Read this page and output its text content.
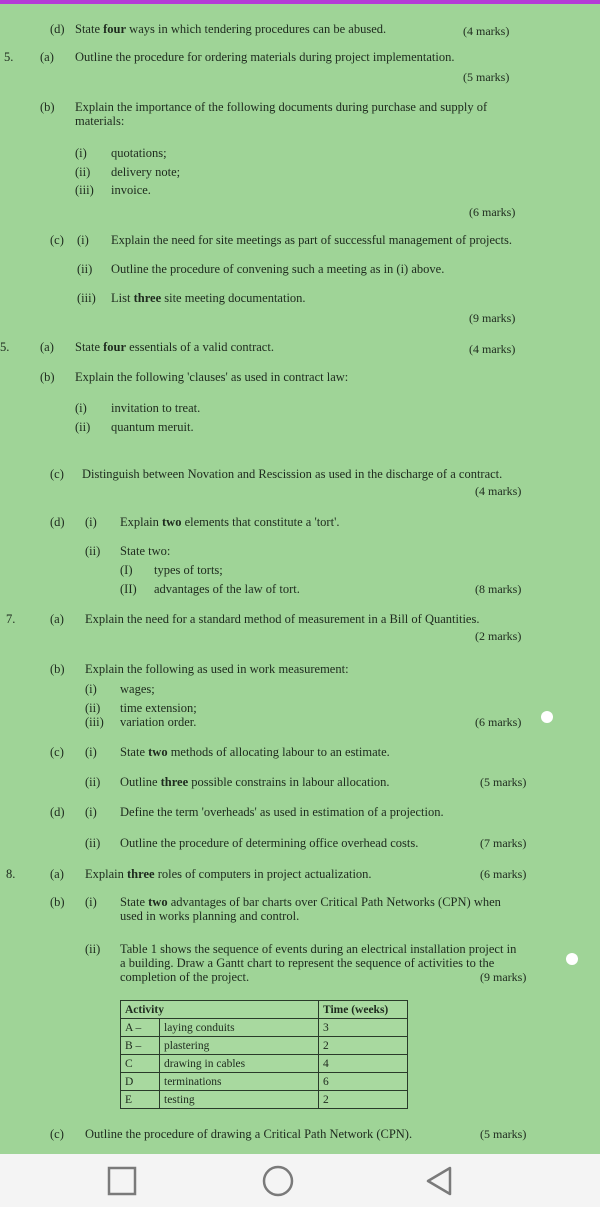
Activity		Time (weeks)
A –	laying conduits	3
B –	plastering	2
C	drawing in cables	4
D	terminations	6
E	testing	2
(d) State four ways in which tendering procedures can be abused.	(4 marks)
5. (a) Outline the procedure for ordering materials during project implementation.
(5 marks)
(b) Explain the importance of the following documents during purchase and supply of
materials:
(i) quotations;
(ii) delivery note;
(iii) invoice.
(6 marks)
(c) (i) Explain the need for site meetings as part of successful management of projects.
(ii) Outline the procedure of convening such a meeting as in (i) above.
(iii) List three site meeting documentation.
(9 marks)
5. (a) State four essentials of a valid contract.	(4 marks)
(b) Explain the following 'clauses' as used in contract law:
(i) invitation to treat.
(ii) quantum meruit.
(c) Distinguish between Novation and Rescission as used in the discharge of a contract.
(4 marks)
(d) (i) Explain two elements that constitute a 'tort'.
(ii) State two:
(I) types of torts;
(II) advantages of the law of tort.	(8 marks)
7.	(a) Explain the need for a standard method of measurement in a Bill of Quantities.
(2 marks)
(b) Explain the following as used in work measurement:
(i) wages;
(ii) time extension;
(iii) variation order.	(6 marks)
(c) (i) State two methods of allocating labour to an estimate.
(ii) Outline three possible constrains in labour allocation.	(5 marks)
(d) (i) Define the term 'overheads' as used in estimation of a projection.
(ii) Outline the procedure of determining office overhead costs.	(7 marks)
8.	(a) Explain three roles of computers in project actualization.	(6 marks)
(b) (i) State two advantages of bar charts over Critical Path Networks (CPN) when
used in works planning and control.
(ii) Table 1 shows the sequence of events during an electrical installation project in
a building. Draw a Gantt chart to represent the sequence of activities to the
completion of the project.	(9 marks)
(c) Outline the procedure of drawing a Critical Path Network (CPN).	(5 marks)
